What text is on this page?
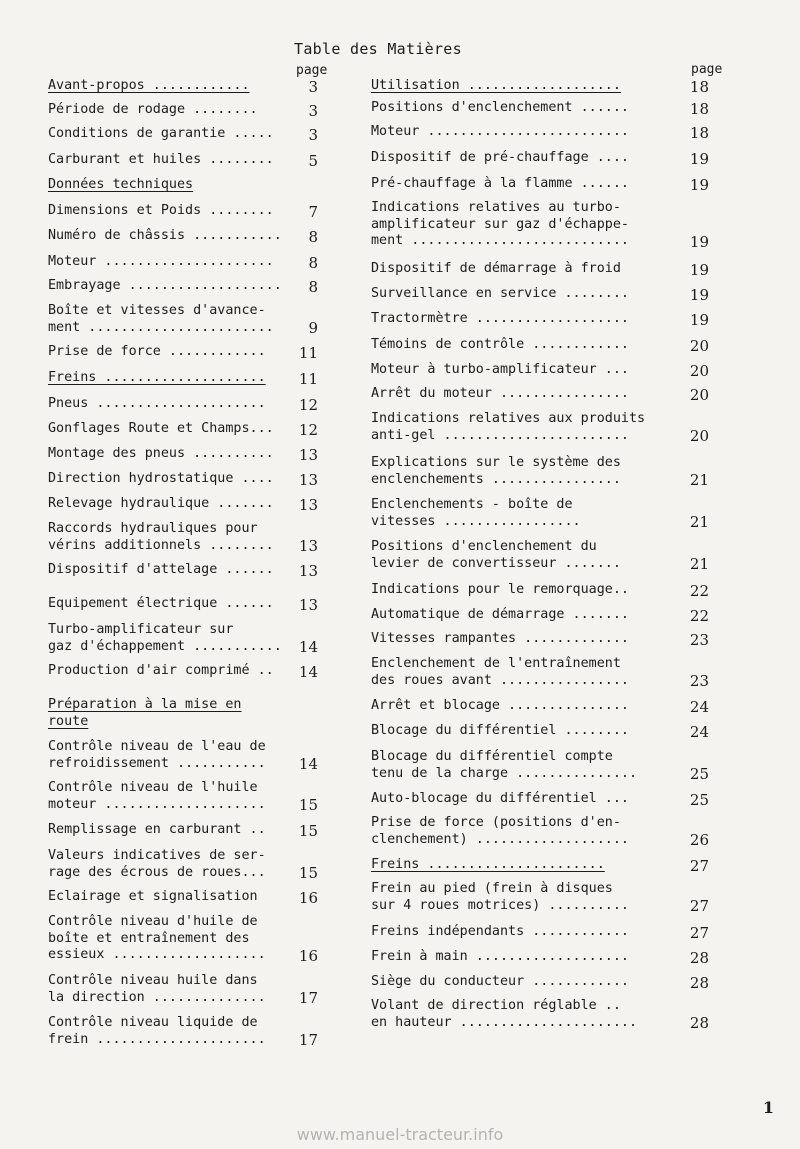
Table des Matières
page	page
Avant-propos ............	3
Période de rodage ........	3
Conditions de garantie .....	3
Carburant et huiles ........	5
Données techniques
Dimensions et Poids ........	7
Numéro de châssis ...........	8
Moteur .....................	8
Embrayage ...................	8
Boîte et vitesses d'avance-
ment .......................	9
Prise de force ............	11
Freins ....................	11
Pneus .....................	12
Gonflages Route et Champs...	12
Montage des pneus ..........	13
Direction hydrostatique ....	13
Relevage hydraulique .......	13
Raccords hydrauliques pour
vérins additionnels ........	13
Dispositif d'attelage ......	13
Equipement électrique ......	13
Turbo-amplificateur sur
gaz d'échappement ...........	14
Production d'air comprimé ..	14
Préparation à la mise en
route
Contrôle niveau de l'eau de
refroidissement ...........	14
Contrôle niveau de l'huile
moteur ....................	15
Remplissage en carburant ..	15
Valeurs indicatives de ser-
rage des écrous de roues...	15
Eclairage et signalisation	16
Contrôle niveau d'huile de
boîte et entraînement des
essieux ...................	16
Contrôle niveau huile dans
la direction ..............	17
Contrôle niveau liquide de
frein .....................	17
Utilisation ...................	18
Positions d'enclenchement ......	18
Moteur .........................	18
Dispositif de pré-chauffage ....	19
Pré-chauffage à la flamme ......	19
Indications relatives au turbo-
amplificateur sur gaz d'échappe-
ment ...........................	19
Dispositif de démarrage à froid	19
Surveillance en service ........	19
Tractormètre ...................	19
Témoins de contrôle ............	20
Moteur à turbo-amplificateur ...	20
Arrêt du moteur ................	20
Indications relatives aux produits
anti-gel .......................	20
Explications sur le système des
enclenchements ................	21
Enclenchements - boîte de
vitesses .................	21
Positions d'enclenchement du
levier de convertisseur .......	21
Indications pour le remorquage..	22
Automatique de démarrage .......	22
Vitesses rampantes .............	23
Enclenchement de l'entraînement
des roues avant ................	23
Arrêt et blocage ...............	24
Blocage du différentiel ........	24
Blocage du différentiel compte
tenu de la charge ...............	25
Auto-blocage du différentiel ...	25
Prise de force (positions d'en-
clenchement) ...................	26
Freins ......................	27
Frein au pied (frein à disques
sur 4 roues motrices) ..........	27
Freins indépendants ............	27
Frein à main ...................	28
Siège du conducteur ............	28
Volant de direction réglable ..
en hauteur ......................	28
1
www.manuel-tracteur.info
